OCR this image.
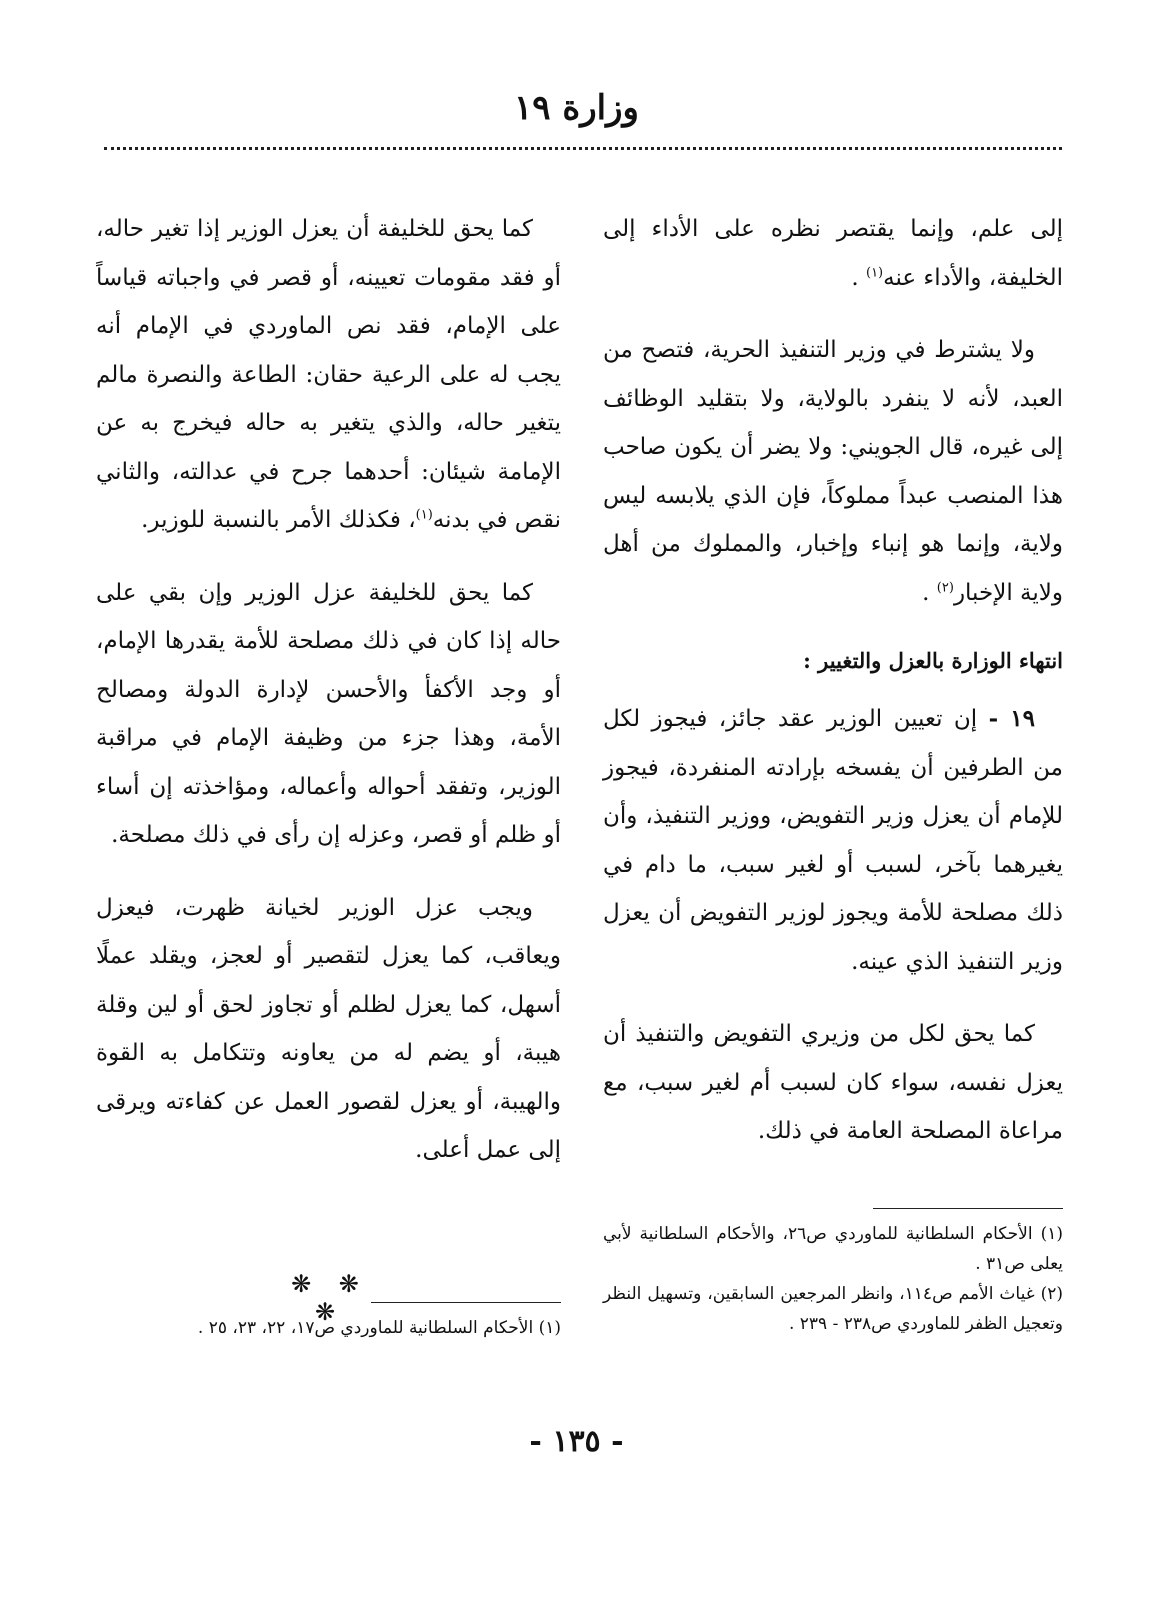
وزارة ١٩

إلى علم، وإنما يقتصر نظره على الأداء إلى الخليفة، والأداء عنه$^{(١)}$ .

ولا يشترط في وزير التنفيذ الحرية، فتصح من العبد، لأنه لا ينفرد بالولاية، ولا بتقليد الوظائف إلى غيره، قال الجويني: ولا يضر أن يكون صاحب هذا المنصب عبداً مملوكاً، فإن الذي يلابسه ليس ولاية، وإنما هو إنباء وإخبار، والمملوك من أهل ولاية الإخبار$^{(٢)}$ .

انتهاء الوزارة بالعزل والتغيير :

١٩ - إن تعيين الوزير عقد جائز، فيجوز لكل من الطرفين أن يفسخه بإرادته المنفردة، فيجوز للإمام أن يعزل وزير التفويض، ووزير التنفيذ، وأن يغيرهما بآخر، لسبب أو لغير سبب، ما دام في ذلك مصلحة للأمة ويجوز لوزير التفويض أن يعزل وزير التنفيذ الذي عينه.

كما يحق لكل من وزيري التفويض والتنفيذ أن يعزل نفسه، سواء كان لسبب أم لغير سبب، مع مراعاة المصلحة العامة في ذلك.

(١) الأحكام السلطانية للماوردي ص٢٦، والأحكام السلطانية لأبي يعلى ص٣١ .

(٢) غياث الأمم ص١١٤، وانظر المرجعين السابقين، وتسهيل النظر وتعجيل الظفر للماوردي ص٢٣٨ - ٢٣٩ .

كما يحق للخليفة أن يعزل الوزير إذا تغير حاله، أو فقد مقومات تعيينه، أو قصر في واجباته قياساً على الإمام، فقد نص الماوردي في الإمام أنه يجب له على الرعية حقان: الطاعة والنصرة مالم يتغير حاله، والذي يتغير به حاله فيخرج به عن الإمامة شيئان: أحدهما جرح في عدالته، والثاني نقص في بدنه$^{(١)}$، فكذلك الأمر بالنسبة للوزير.

كما يحق للخليفة عزل الوزير وإن بقي على حاله إذا كان في ذلك مصلحة للأمة يقدرها الإمام، أو وجد الأكفأ والأحسن لإدارة الدولة ومصالح الأمة، وهذا جزء من وظيفة الإمام في مراقبة الوزير، وتفقد أحواله وأعماله، ومؤاخذته إن أساء أو ظلم أو قصر، وعزله إن رأى في ذلك مصلحة.

ويجب عزل الوزير لخيانة ظهرت، فيعزل ويعاقب، كما يعزل لتقصير أو لعجز، ويقلد عملًا أسهل، كما يعزل لظلم أو تجاوز لحق أو لين وقلة هيبة، أو يضم له من يعاونه وتتكامل به القوة والهيبة، أو يعزل لقصور العمل عن كفاءته ويرقى إلى عمل أعلى.

❋ ❋ ❋

(١) الأحكام السلطانية للماوردي ص١٧، ٢٢، ٢٣، ٢٥ .

- ١٣٥ -
